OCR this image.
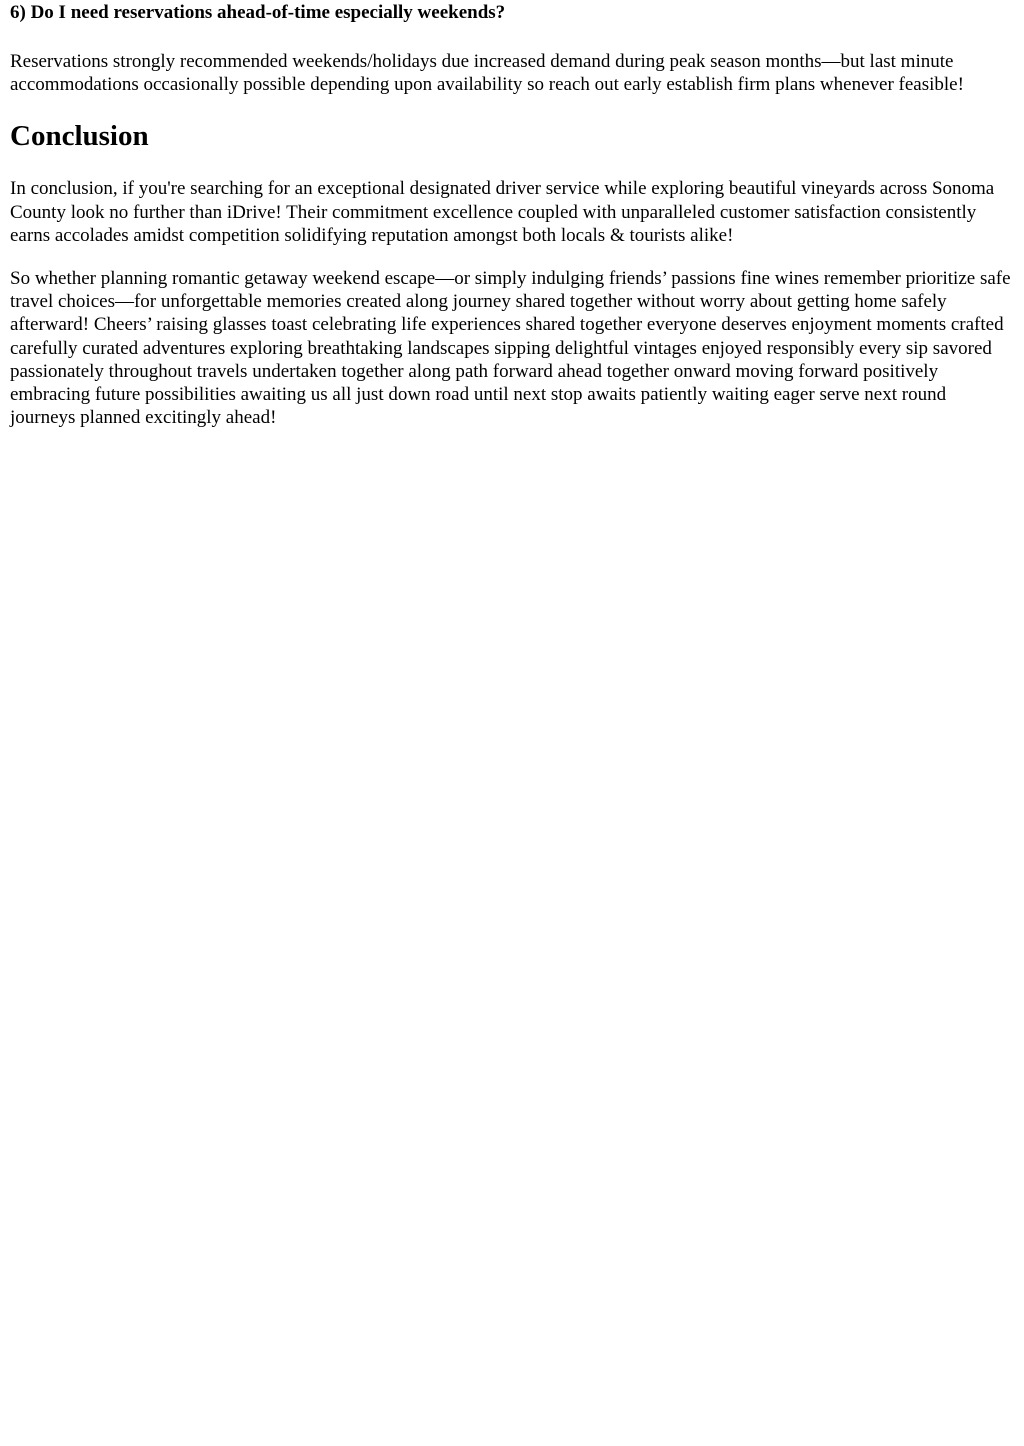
6) Do I need reservations ahead-of-time especially weekends?

Reservations strongly recommended weekends/holidays due increased demand during peak season months—but last minute accommodations occasionally possible depending upon availability so reach out early establish firm plans whenever feasible!

Conclusion

In conclusion, if you're searching for an exceptional designated driver service while exploring beautiful vineyards across Sonoma County look no further than iDrive! Their commitment excellence coupled with unparalleled customer satisfaction consistently earns accolades amidst competition solidifying reputation amongst both locals & tourists alike!

So whether planning romantic getaway weekend escape—or simply indulging friends’ passions fine wines remember prioritize safe travel choices—for unforgettable memories created along journey shared together without worry about getting home safely afterward! Cheers’ raising glasses toast celebrating life experiences shared together everyone deserves enjoyment moments crafted carefully curated adventures exploring breathtaking landscapes sipping delightful vintages enjoyed responsibly every sip savored passionately throughout travels undertaken together along path forward ahead together onward moving forward positively embracing future possibilities awaiting us all just down road until next stop awaits patiently waiting eager serve next round journeys planned excitingly ahead!
